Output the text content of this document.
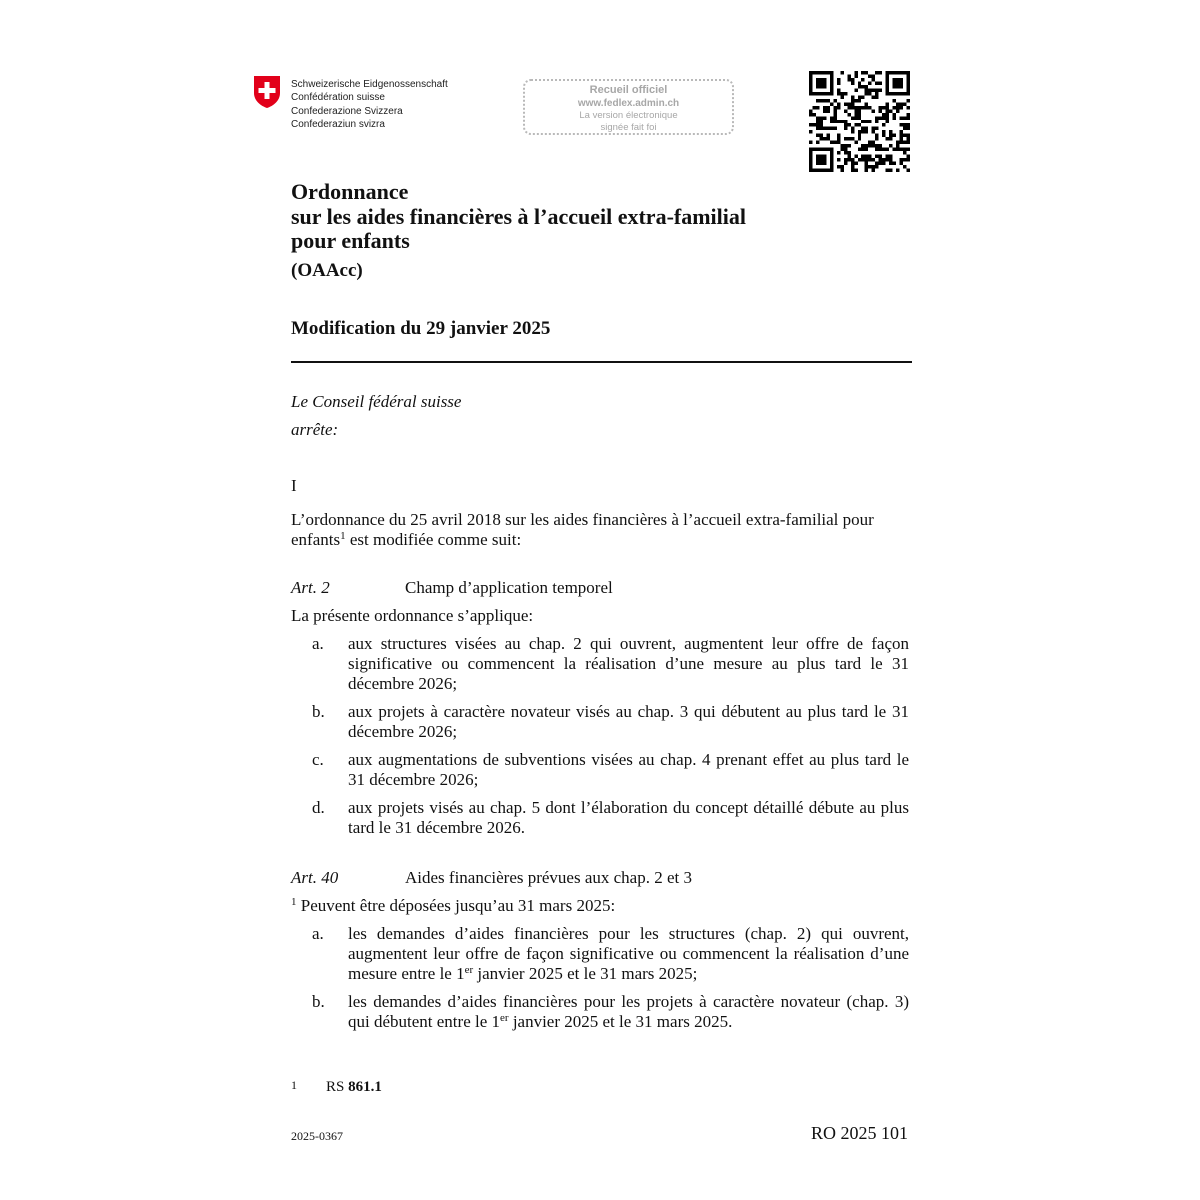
Schweizerische Eidgenossenschaft
Confédération suisse
Confederazione Svizzera
Confederaziun svizra
Recueil officiel
www.fedlex.admin.ch
La version électronique
signée fait foi
Ordonnance
sur les aides financières à l’accueil extra-familial
pour enfants
(OAAcc)
Modification du 29 janvier 2025
Le Conseil fédéral suisse
arrête:
I
L’ordonnance du 25 avril 2018 sur les aides financières à l’accueil extra-familial pour
enfants$^1$ est modifiée comme suit:
Art. 2	Champ d’application temporel
La présente ordonnance s’applique:
a. aux structures visées au chap. 2 qui ouvrent, augmentent leur offre de façon significative ou commencent la réalisation d’une mesure au plus tard le 31 décembre 2026;
b. aux projets à caractère novateur visés au chap. 3 qui débutent au plus tard le 31 décembre 2026;
c. aux augmentations de subventions visées au chap. 4 prenant effet au plus tard le 31 décembre 2026;
d. aux projets visés au chap. 5 dont l’élaboration du concept détaillé débute au plus tard le 31 décembre 2026.
Art. 40	Aides financières prévues aux chap. 2 et 3
$^1$ Peuvent être déposées jusqu’au 31 mars 2025:
a. les demandes d’aides financières pour les structures (chap. 2) qui ouvrent, augmentent leur offre de façon significative ou commencent la réalisation d’une mesure entre le 1er janvier 2025 et le 31 mars 2025;
b. les demandes d’aides financières pour les projets à caractère novateur (chap. 3) qui débutent entre le 1er janvier 2025 et le 31 mars 2025.
1 RS 861.1
2025-0367	RO 2025 101
